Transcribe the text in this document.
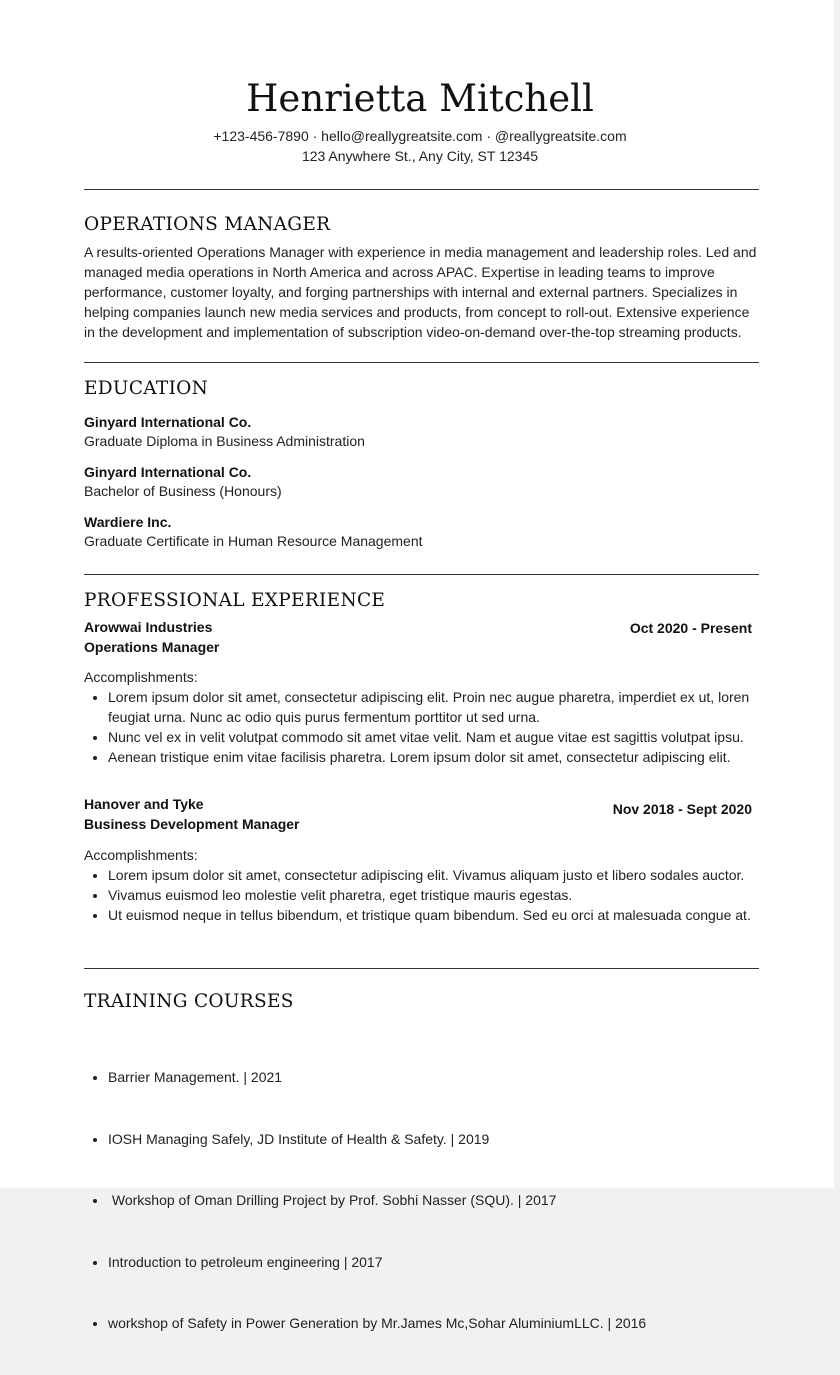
Henrietta Mitchell
+123-456-7890 · hello@reallygreatsite.com · @reallygreatsite.com
123 Anywhere St., Any City, ST 12345
OPERATIONS MANAGER
A results-oriented Operations Manager with experience in media management and leadership roles. Led and managed media operations in North America and across APAC. Expertise in leading teams to improve performance, customer loyalty, and forging partnerships with internal and external partners. Specializes in helping companies launch new media services and products, from concept to roll-out. Extensive experience in the development and implementation of subscription video-on-demand over-the-top streaming products.
EDUCATION
Ginyard International Co.
Graduate Diploma in Business Administration
Ginyard International Co.
Bachelor of Business (Honours)
Wardiere Inc.
Graduate Certificate in Human Resource Management
PROFESSIONAL EXPERIENCE
Arowwai Industries	Oct 2020 - Present
Operations Manager
Accomplishments:
• Lorem ipsum dolor sit amet, consectetur adipiscing elit. Proin nec augue pharetra, imperdiet ex ut, loren feugiat urna. Nunc ac odio quis purus fermentum porttitor ut sed urna.
• Nunc vel ex in velit volutpat commodo sit amet vitae velit. Nam et augue vitae est sagittis volutpat ipsu.
• Aenean tristique enim vitae facilisis pharetra. Lorem ipsum dolor sit amet, consectetur adipiscing elit.
Hanover and Tyke	Nov 2018 - Sept 2020
Business Development Manager
Accomplishments:
• Lorem ipsum dolor sit amet, consectetur adipiscing elit. Vivamus aliquam justo et libero sodales auctor.
• Vivamus euismod leo molestie velit pharetra, eget tristique mauris egestas.
• Ut euismod neque in tellus bibendum, et tristique quam bibendum. Sed eu orci at malesuada congue at.
TRAINING COURSES

• Barrier Management. | 2021

• IOSH Managing Safely, JD Institute of Health & Safety. | 2019

•  Workshop of Oman Drilling Project by Prof. Sobhi Nasser (SQU). | 2017

• Introduction to petroleum engineering | 2017

• workshop of Safety in Power Generation by Mr.James Mc,Sohar AluminiumLLC. | 2016
